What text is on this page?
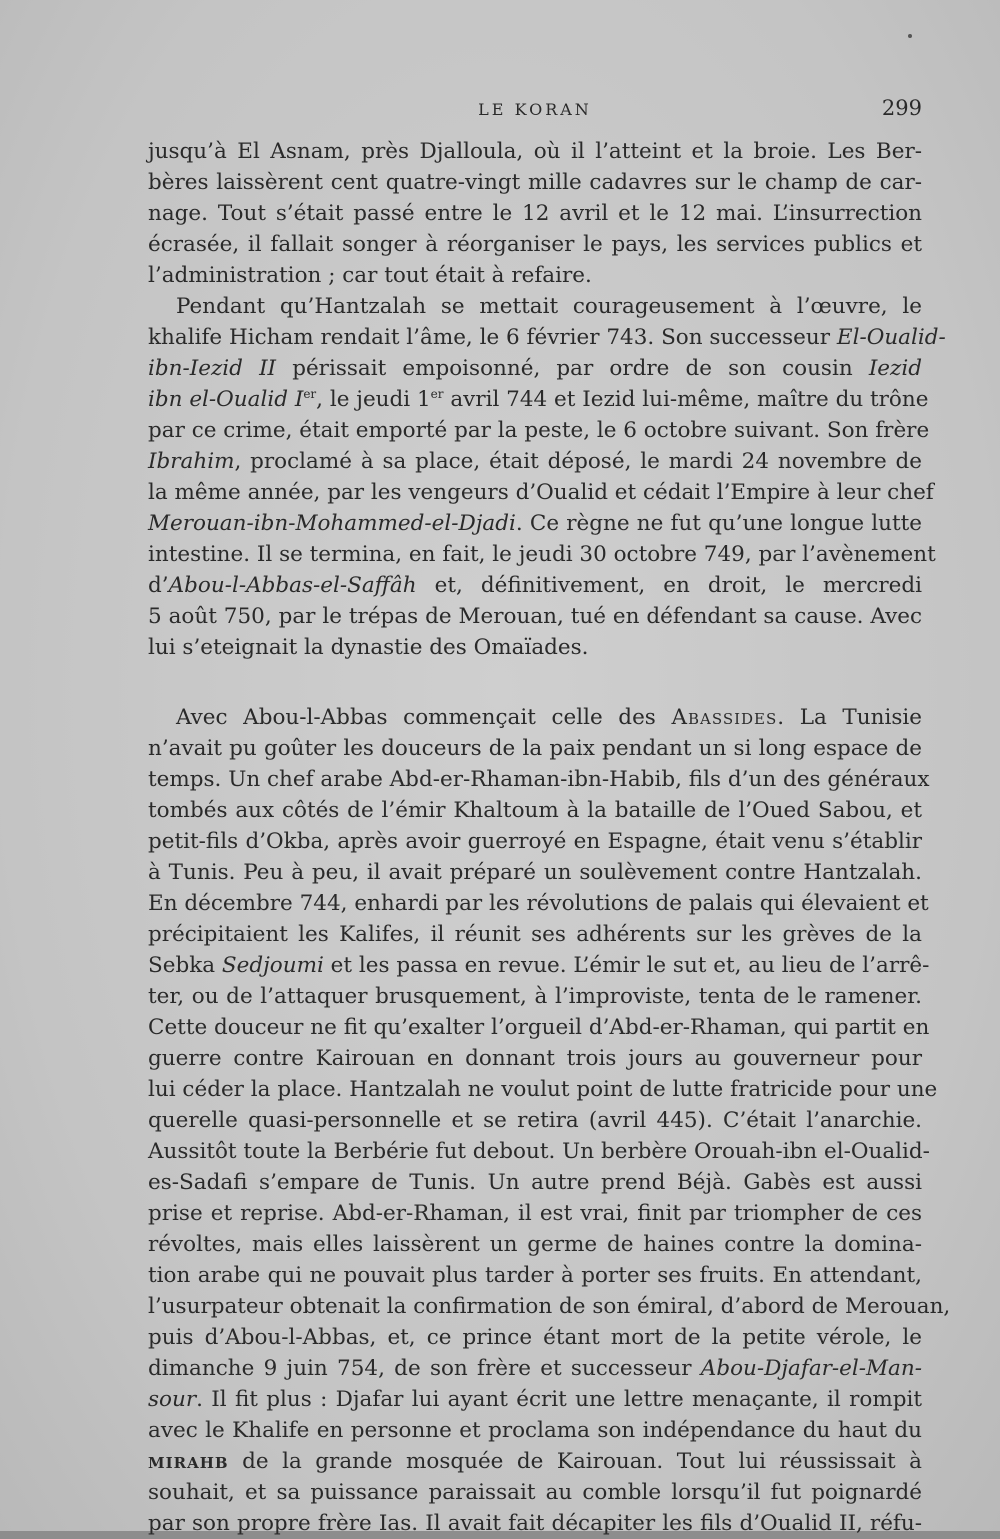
LE KORAN	299
jusqu’à El Asnam, près Djalloula, où il l’atteint et la broie. Les Ber-
bères laissèrent cent quatre-vingt mille cadavres sur le champ de car-
nage. Tout s’était passé entre le 12 avril et le 12 mai. L’insurrection
écrasée, il fallait songer à réorganiser le pays, les services publics et
l’administration ; car tout était à refaire.
Pendant qu’Hantzalah se mettait courageusement à l’œuvre, le
khalife Hicham rendait l’âme, le 6 février 743. Son successeur El-Oualid-
ibn-Iezid II périssait empoisonné, par ordre de son cousin Iezid
ibn el-Oualid Ier, le jeudi 1er avril 744 et Iezid lui-même, maître du trône
par ce crime, était emporté par la peste, le 6 octobre suivant. Son frère
Ibrahim, proclamé à sa place, était déposé, le mardi 24 novembre de
la même année, par les vengeurs d’Oualid et cédait l’Empire à leur chef
Merouan-ibn-Mohammed-el-Djadi. Ce règne ne fut qu’une longue lutte
intestine. Il se termina, en fait, le jeudi 30 octobre 749, par l’avènement
d’Abou-l-Abbas-el-Saffâh et, définitivement, en droit, le mercredi
5 août 750, par le trépas de Merouan, tué en défendant sa cause. Avec
lui s’eteignait la dynastie des Omaïades.
Avec Abou-l-Abbas commençait celle des Abassides. La Tunisie
n’avait pu goûter les douceurs de la paix pendant un si long espace de
temps. Un chef arabe Abd-er-Rhaman-ibn-Habib, fils d’un des généraux
tombés aux côtés de l’émir Khaltoum à la bataille de l’Oued Sabou, et
petit-fils d’Okba, après avoir guerroyé en Espagne, était venu s’établir
à Tunis. Peu à peu, il avait préparé un soulèvement contre Hantzalah.
En décembre 744, enhardi par les révolutions de palais qui élevaient et
précipitaient les Kalifes, il réunit ses adhérents sur les grèves de la
Sebka Sedjoumi et les passa en revue. L’émir le sut et, au lieu de l’arrê-
ter, ou de l’attaquer brusquement, à l’improviste, tenta de le ramener.
Cette douceur ne fit qu’exalter l’orgueil d’Abd-er-Rhaman, qui partit en
guerre contre Kairouan en donnant trois jours au gouverneur pour
lui céder la place. Hantzalah ne voulut point de lutte fratricide pour une
querelle quasi-personnelle et se retira (avril 445). C’était l’anarchie.
Aussitôt toute la Berbérie fut debout. Un berbère Orouah-ibn el-Oualid-
es-Sadafi s’empare de Tunis. Un autre prend Béjà. Gabès est aussi
prise et reprise. Abd-er-Rhaman, il est vrai, finit par triompher de ces
révoltes, mais elles laissèrent un germe de haines contre la domina-
tion arabe qui ne pouvait plus tarder à porter ses fruits. En attendant,
l’usurpateur obtenait la confirmation de son émiral, d’abord de Merouan,
puis d’Abou-l-Abbas, et, ce prince étant mort de la petite vérole, le
dimanche 9 juin 754, de son frère et successeur Abou-Djafar-el-Man-
sour. Il fit plus : Djafar lui ayant écrit une lettre menaçante, il rompit
avec le Khalife en personne et proclama son indépendance du haut du
MIRAHB de la grande mosquée de Kairouan. Tout lui réussissait à
souhait, et sa puissance paraissait au comble lorsqu’il fut poignardé
par son propre frère Ias. Il avait fait décapiter les fils d’Oualid II, réfu-
